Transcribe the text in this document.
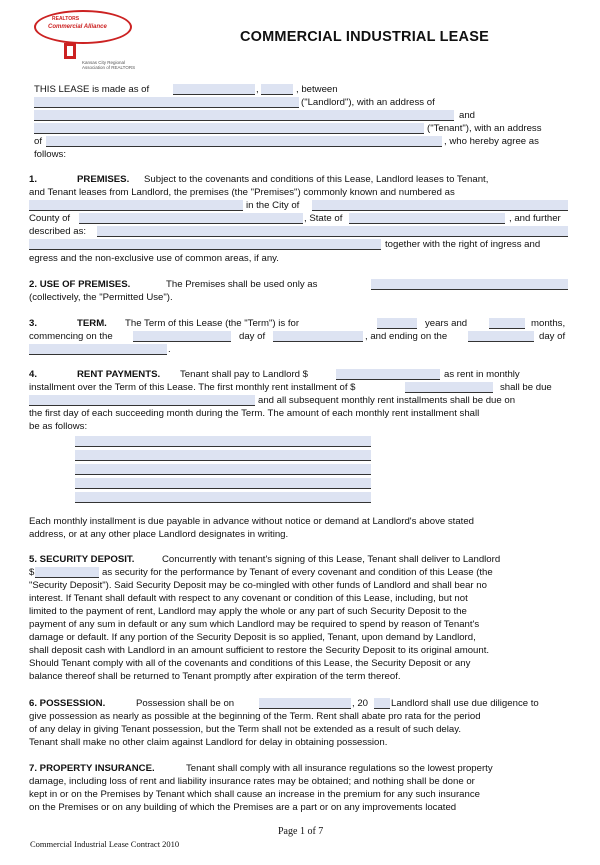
REALTORS
Commercial Alliance
Kansas City Regional
Association of REALTORS
COMMERCIAL INDUSTRIAL LEASE
THIS LEASE is made as of	,	, between
("Landlord"), with an address of
and
("Tenant"), with an address
of	, who hereby agree as
follows:
1.	PREMISES. Subject to the covenants and conditions of this Lease, Landlord leases to Tenant,
and Tenant leases from Landlord, the premises (the "Premises") commonly known and numbered as
in the City of
County of	, State of	, and further
described as:
together with the right of ingress and
egress and the non-exclusive use of common areas, if any.
2. USE OF PREMISES.	The Premises shall be used only as
(collectively, the "Permitted Use").
3.	TERM. The Term of this Lease (the "Term") is for	years and	months,
commencing on the	day of	, and ending on the	day of
.
4.	RENT PAYMENTS. Tenant shall pay to Landlord $	as rent in monthly
installment over the Term of this Lease. The first monthly rent installment of $	shall be due
and all subsequent monthly rent installments shall be due on
the first day of each succeeding month during the Term. The amount of each monthly rent installment shall
be as follows:
Each monthly installment is due payable in advance without notice or demand at Landlord's above stated
address, or at any other place Landlord designates in writing.
5. SECURITY DEPOSIT.	Concurrently with tenant's signing of this Lease, Tenant shall deliver to Landlord
$	as security for the performance by Tenant of every covenant and condition of this Lease (the
"Security Deposit"). Said Security Deposit may be co-mingled with other funds of Landlord and shall bear no
interest. If Tenant shall default with respect to any covenant or condition of this Lease, including, but not
limited to the payment of rent, Landlord may apply the whole or any part of such Security Deposit to the
payment of any sum in default or any sum which Landlord may be required to spend by reason of Tenant's
damage or default. If any portion of the Security Deposit is so applied, Tenant, upon demand by Landlord,
shall deposit cash with Landlord in an amount sufficient to restore the Security Deposit to its original amount.
Should Tenant comply with all of the covenants and conditions of this Lease, the Security Deposit or any
balance thereof shall be returned to Tenant promptly after expiration of the term thereof.
6. POSSESSION.	Possession shall be on	, 20 Landlord shall use due diligence to
give possession as nearly as possible at the beginning of the Term. Rent shall abate pro rata for the period
of any delay in giving Tenant possession, but the Term shall not be extended as a result of such delay.
Tenant shall make no other claim against Landlord for delay in obtaining possession.
7. PROPERTY INSURANCE.	Tenant shall comply with all insurance regulations so the lowest property
damage, including loss of rent and liability insurance rates may be obtained; and nothing shall be done or
kept in or on the Premises by Tenant which shall cause an increase in the premium for any such insurance
on the Premises or on any building of which the Premises are a part or on any improvements located
Page 1 of 7
Commercial Industrial Lease Contract 2010
